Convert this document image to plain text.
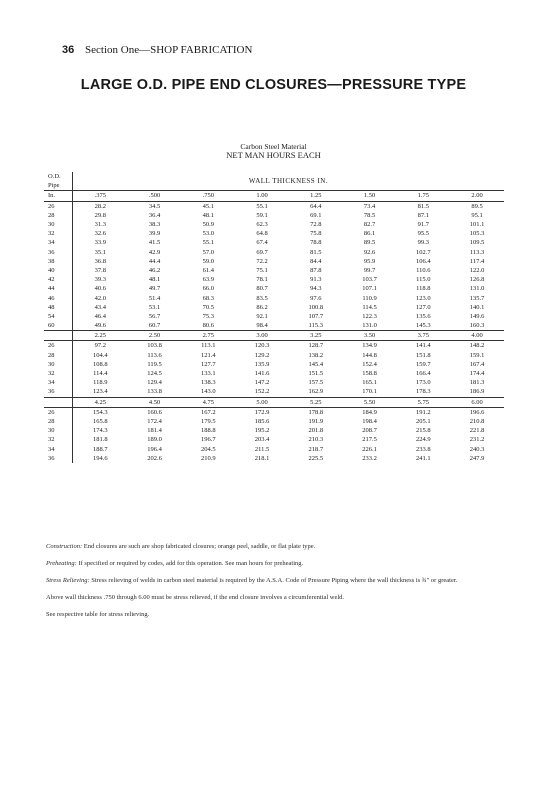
36 Section One—SHOP FABRICATION
LARGE O.D. PIPE END CLOSURES—PRESSURE TYPE
Carbon Steel Material
NET MAN HOURS EACH
O.D.	WALL THICKNESS IN.							
Pipe								
In.	.375	.500	.750	1.00	1.25	1.50	1.75	2.00
26	28.2	34.5	45.1	55.1	64.4	73.4	81.5	89.5
28	29.8	36.4	48.1	59.1	69.1	78.5	87.1	95.1
30	31.3	38.3	50.9	62.3	72.8	82.7	91.7	101.1
32	32.6	39.9	53.0	64.8	75.8	86.1	95.5	105.3
34	33.9	41.5	55.1	67.4	78.8	89.5	99.3	109.5
36	35.1	42.9	57.0	69.7	81.5	92.6	102.7	113.3
38	36.8	44.4	59.0	72.2	84.4	95.9	106.4	117.4
40	37.8	46.2	61.4	75.1	87.8	99.7	110.6	122.0
42	39.3	48.1	63.9	78.1	91.3	103.7	115.0	126.8
44	40.6	49.7	66.0	80.7	94.3	107.1	118.8	131.0
46	42.0	51.4	68.3	83.5	97.6	110.9	123.0	135.7
48	43.4	53.1	70.5	86.2	100.8	114.5	127.0	140.1
54	46.4	56.7	75.3	92.1	107.7	122.3	135.6	149.6
60	49.6	60.7	80.6	98.4	115.3	131.0	145.3	160.3
	2.25	2.50	2.75	3.00	3.25	3.50	3.75	4.00
26	97.2	103.8	113.1	120.3	128.7	134.9	141.4	148.2
28	104.4	113.6	121.4	129.2	138.2	144.8	151.8	159.1
30	108.8	119.5	127.7	135.9	145.4	152.4	159.7	167.4
32	114.4	124.5	133.1	141.6	151.5	158.8	166.4	174.4
34	118.9	129.4	138.3	147.2	157.5	165.1	173.0	181.3
36	123.4	133.8	143.0	152.2	162.9	170.1	178.3	186.9
	4.25	4.50	4.75	5.00	5.25	5.50	5.75	6.00
26	154.3	160.6	167.2	172.9	178.8	184.9	191.2	196.6
28	165.8	172.4	179.5	185.6	191.9	198.4	205.1	210.8
30	174.3	181.4	188.8	195.2	201.8	208.7	215.8	221.8
32	181.8	189.0	196.7	203.4	210.3	217.5	224.9	231.2
34	188.7	196.4	204.5	211.5	218.7	226.1	233.8	240.3
36	194.6	202.6	210.9	218.1	225.5	233.2	241.1	247.9

Construction: End closures are such are shop fabricated closures; orange peel, saddle, or flat plate type.

Preheating: If specified or required by codes, add for this operation. See man hours for preheating.

Stress Relieving: Stress relieving of welds in carbon steel material is required by the A.S.A. Code of Pressure Piping where the wall thickness is ¾" or greater.

Above wall thickness .750 through 6.00 must be stress relieved, if the end closure involves a circumferential weld.

See respective table for stress relieving.
